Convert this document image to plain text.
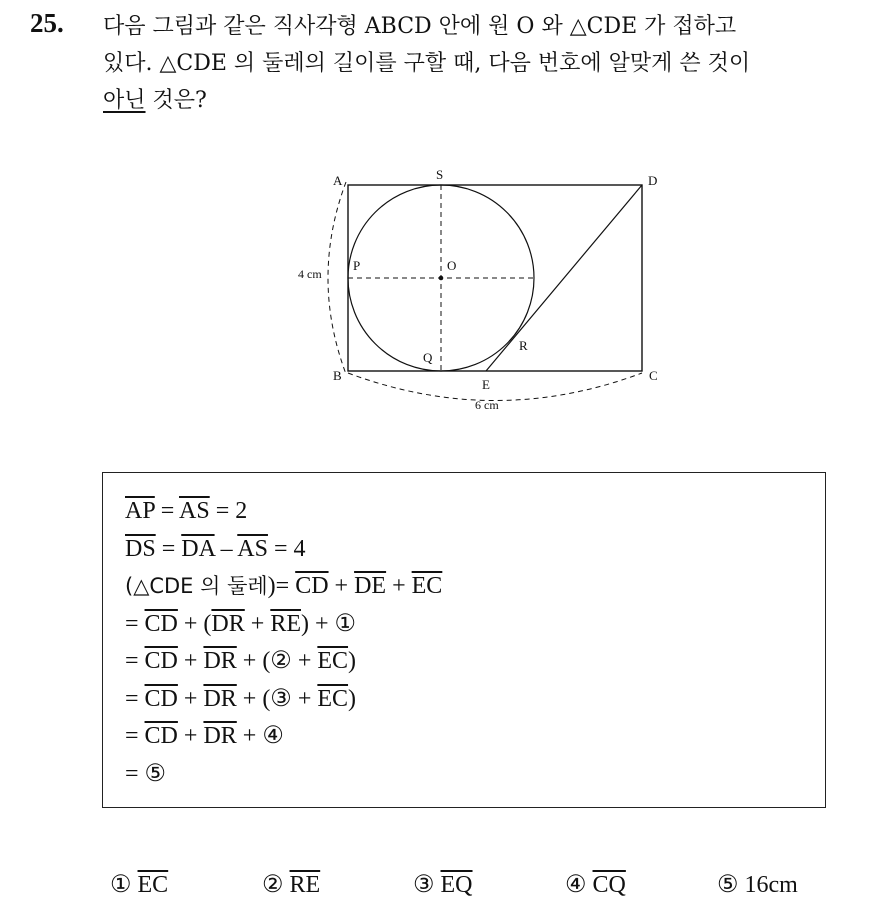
25. 다음 그림과 같은 직사각형 ABCD 안에 원 O 와 △CDE 가 접하고
있다. △CDE 의 둘레의 길이를 구할 때, 다음 번호에 알맞게 쓴 것이
아닌 것은?
A	S	D
P	O
Q
R
B
E
C
4 cm
6 cm
$\overline{AP} = \overline{AS} = 2$
$\overline{DS} = \overline{DA} - \overline{AS} = 4$
(△CDE 의 둘레)= $\overline{CD} + \overline{DE} + \overline{EC}$
= $\overline{CD} + (\overline{DR} + \overline{RE})$ + ①
= $\overline{CD} + \overline{DR}$ + (② + $\overline{EC}$)
= $\overline{CD} + \overline{DR}$ + (③ + $\overline{EC}$)
= $\overline{CD} + \overline{DR}$ + ④
= ⑤
① $\overline{EC}$	② $\overline{RE}$	③ $\overline{EQ}$	④ $\overline{CQ}$	⑤ 16cm
